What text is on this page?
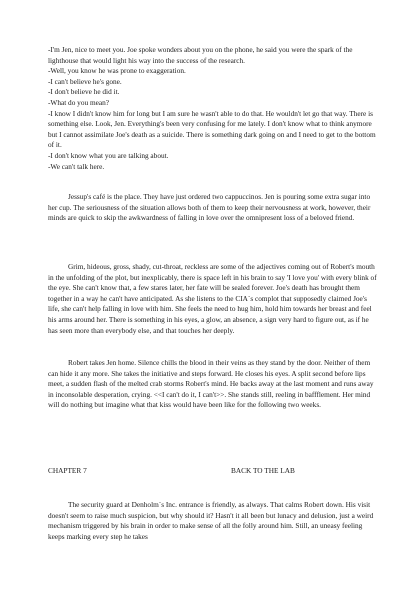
-I'm Jen, nice to meet you. Joe spoke wonders about you on the phone, he said you were the spark of the lighthouse that would light his way into the success of the research.
-Well, you know he was prone to exaggeration.
-I can't believe he's gone.
-I don't believe he did it.
-What do you mean?
-I know I didn't know him for long but I am sure he wasn't able to do that. He wouldn't let go that way. There is something else. Look, Jen. Everything's been very confusing for me lately. I don't know what to think anymore but I cannot assimilate Joe's death as a suicide. There is something dark going on and I need to get to the bottom of it.
-I don't know what you are talking about.
-We can't talk here.
Jessup's café is the place. They have just ordered two cappuccinos. Jen is pouring some extra sugar into her cup. The seriousness of the situation allows both of them to keep their nervousness at work, however, their minds are quick to skip the awkwardness of falling in love over the omnipresent loss of a beloved friend.
Grim, hideous, gross, shady, cut-throat, reckless are some of the adjectives coming out of Robert's mouth in the unfolding of the plot, but inexplicably, there is space left in his brain to say 'I love you' with every blink of the eye. She can't know that, a few stares later, her fate will be sealed forever. Joe's death has brought them together in a way he can't have anticipated. As she listens to the CIA´s complot that supposedly claimed Joe's life, she can't help falling in love with him. She feels the need to hug him, hold him towards her breast and feel his arms around her. There is something in his eyes, a glow, an absence, a sign very hard to figure out, as if he has seen more than everybody else, and that touches her deeply.
Robert takes Jen home. Silence chills the blood in their veins as they stand by the door. Neither of them can hide it any more. She takes the initiative and steps forward. He closes his eyes. A split second before lips meet, a sudden flash of the melted crab storms Robert's mind. He backs away at the last moment and runs away in inconsolable desperation, crying. <<I can't do it, I can't>>. She stands still, reeling in baffflement. Her mind will do nothing but imagine what that kiss would have been like for the following two weeks.
CHAPTER 7	BACK TO THE LAB
The security guard at Denholm´s Inc. entrance is friendly, as always. That calms Robert down. His visit doesn't seem to raise much suspicion, but why should it? Hasn't it all been but lunacy and delusion, just a weird mechanism triggered by his brain in order to make sense of all the folly around him. Still, an uneasy feeling keeps marking every step he takes
